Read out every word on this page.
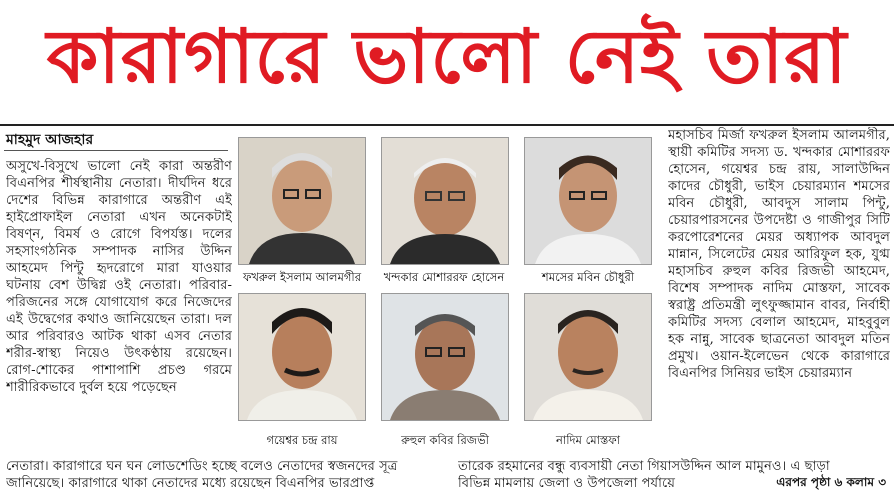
কারাগারে ভালো নেই তারা
মাহমুদ আজহার

অসুখে-বিসুখে ভালো নেই কারা অন্তরীণ বিএনপির শীর্ষস্থানীয় নেতারা। দীর্ঘদিন ধরে দেশের বিভিন্ন কারাগারে অন্তরীণ এই হাইপ্রোফাইল নেতারা এখন অনেকটাই বিষণ্ন, বিমর্ষ ও রোগে বিপর্যস্ত। দলের সহসাংগঠনিক সম্পাদক নাসির উদ্দিন আহমেদ পিন্টু হৃদরোগে মারা যাওয়ার ঘটনায় বেশ উদ্বিগ্ন ওই নেতারা। পরিবার-পরিজনের সঙ্গে যোগাযোগ করে নিজেদের এই উদ্বেগের কথাও জানিয়েছেন তারা। দল আর পরিবারও আটক থাকা এসব নেতার শরীর-স্বাস্থ্য নিয়েও উৎকণ্ঠায় রয়েছেন। রোগ-শোকের পাশাপাশি প্রচণ্ড গরমে শারীরিকভাবে দুর্বল হয়ে পড়েছেন

নেতারা। কারাগারে ঘন ঘন লোডশেডিং হচ্ছে বলেও নেতাদের স্বজনদের সূত্র
জানিয়েছে। কারাগারে থাকা নেতাদের মধ্যে রয়েছেন বিএনপির ভারপ্রাপ্ত
ফখরুল ইসলাম আলমগীর	খন্দকার মোশাররফ হোসেন	শমসের মবিন চৌধুরী
গয়েশ্বর চন্দ্র রায়	রুহুল কবির রিজভী	নাদিম মোস্তফা

মহাসচিব মির্জা ফখরুল ইসলাম আলমগীর, স্থায়ী কমিটির সদস্য ড. খন্দকার মোশাররফ হোসেন, গয়েশ্বর চন্দ্র রায়, সালাউদ্দিন কাদের চৌধুরী, ভাইস চেয়ারম্যান শমসের মবিন চৌধুরী, আবদুস সালাম পিন্টু, চেয়ারপারসনের উপদেষ্টা ও গাজীপুর সিটি করপোরেশনের মেয়র অধ্যাপক আবদুল মান্নান, সিলেটের মেয়র আরিফুল হক, যুগ্ম মহাসচিব রুহুল কবির রিজভী আহমেদ, বিশেষ সম্পাদক নাদিম মোস্তফা, সাবেক স্বরাষ্ট্র প্রতিমন্ত্রী লুৎফুজ্জামান বাবর, নির্বাহী কমিটির সদস্য বেলাল আহমেদ, মাহবুবুল হক নান্নু, সাবেক ছাত্রনেতা আবদুল মতিন প্রমুখ। ওয়ান-ইলেভেন থেকে কারাগারে বিএনপির সিনিয়র ভাইস চেয়ারম্যান

তারেক রহমানের বন্ধু ব্যবসায়ী নেতা গিয়াসউদ্দিন আল মামুনও। এ ছাড়া
বিভিন্ন মামলায় জেলা ও উপজেলা পর্যায়ে	এরপর পৃষ্ঠা ৬ কলাম ৩
